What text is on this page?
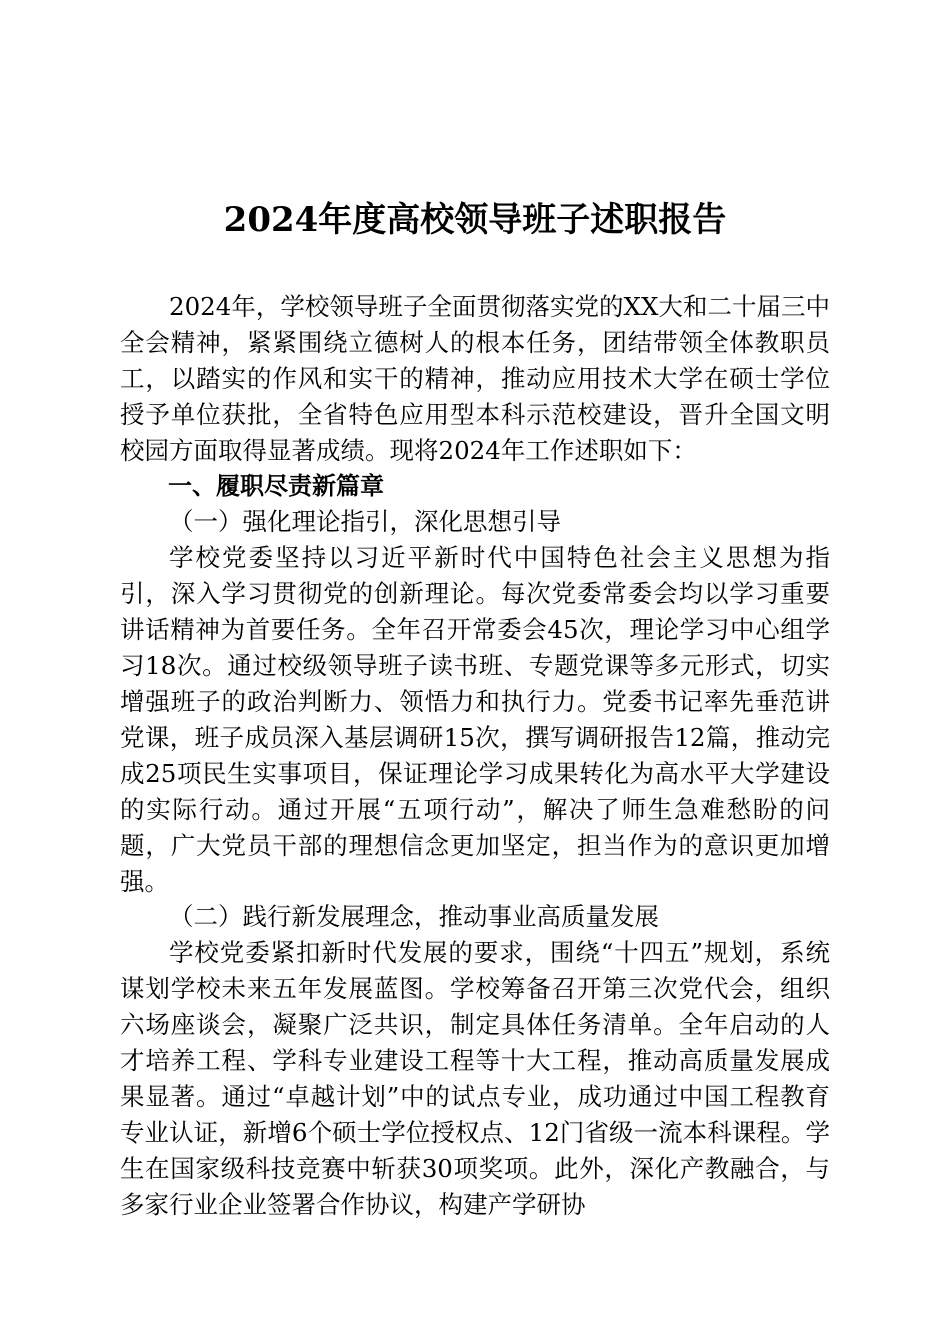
2024年度高校领导班子述职报告

2024年，学校领导班子全面贯彻落实党的XX大和二十届三中全会精神，紧紧围绕立德树人的根本任务，团结带领全体教职员工，以踏实的作风和实干的精神，推动应用技术大学在硕士学位授予单位获批，全省特色应用型本科示范校建设，晋升全国文明校园方面取得显著成绩。现将2024年工作述职如下：

一、履职尽责新篇章

（一）强化理论指引，深化思想引导

学校党委坚持以习近平新时代中国特色社会主义思想为指引，深入学习贯彻党的创新理论。每次党委常委会均以学习重要讲话精神为首要任务。全年召开常委会45次，理论学习中心组学习18次。通过校级领导班子读书班、专题党课等多元形式，切实增强班子的政治判断力、领悟力和执行力。党委书记率先垂范讲党课，班子成员深入基层调研15次，撰写调研报告12篇，推动完成25项民生实事项目，保证理论学习成果转化为高水平大学建设的实际行动。通过开展“五项行动”，解决了师生急难愁盼的问题，广大党员干部的理想信念更加坚定，担当作为的意识更加增强。

（二）践行新发展理念，推动事业高质量发展

学校党委紧扣新时代发展的要求，围绕“十四五”规划，系统谋划学校未来五年发展蓝图。学校筹备召开第三次党代会，组织六场座谈会，凝聚广泛共识，制定具体任务清单。全年启动的人才培养工程、学科专业建设工程等十大工程，推动高质量发展成果显著。通过“卓越计划”中的试点专业，成功通过中国工程教育专业认证，新增6个硕士学位授权点、12门省级一流本科课程。学生在国家级科技竞赛中斩获30项奖项。此外，深化产教融合，与多家行业企业签署合作协议，构建产学研协
